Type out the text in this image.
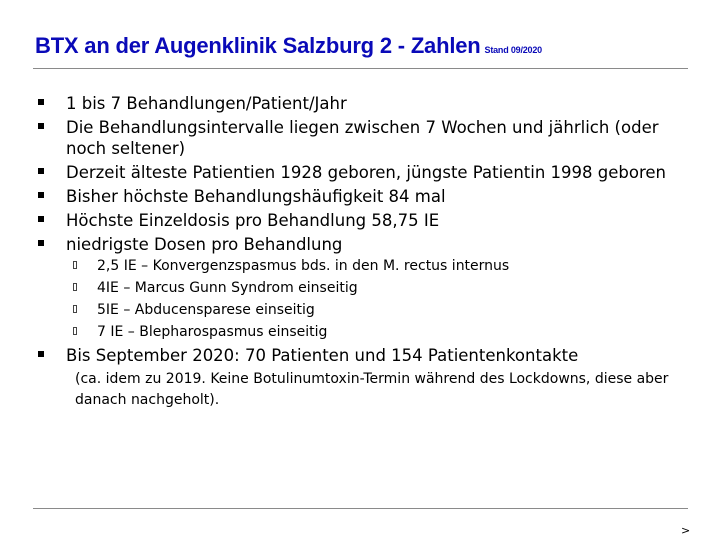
BTX an der Augenklinik Salzburg 2 - Zahlen Stand 09/2020
1 bis 7 Behandlungen/Patient/Jahr
Die Behandlungsintervalle liegen zwischen 7 Wochen und jährlich (oder noch seltener)
Derzeit älteste Patientien 1928 geboren, jüngste Patientin 1998 geboren
Bisher höchste Behandlungshäufigkeit 84 mal
Höchste Einzeldosis pro Behandlung 58,75 IE
niedrigste Dosen pro Behandlung
2,5 IE – Konvergenzspasmus bds. in den M. rectus internus
4IE – Marcus Gunn Syndrom einseitig
5IE – Abducensparese einseitig
7 IE – Blepharospasmus einseitig
Bis September 2020: 70 Patienten und 154 Patientenkontakte
(ca. idem zu 2019. Keine Botulinumtoxin-Termin während des Lockdowns, diese aber danach nachgeholt).
>
